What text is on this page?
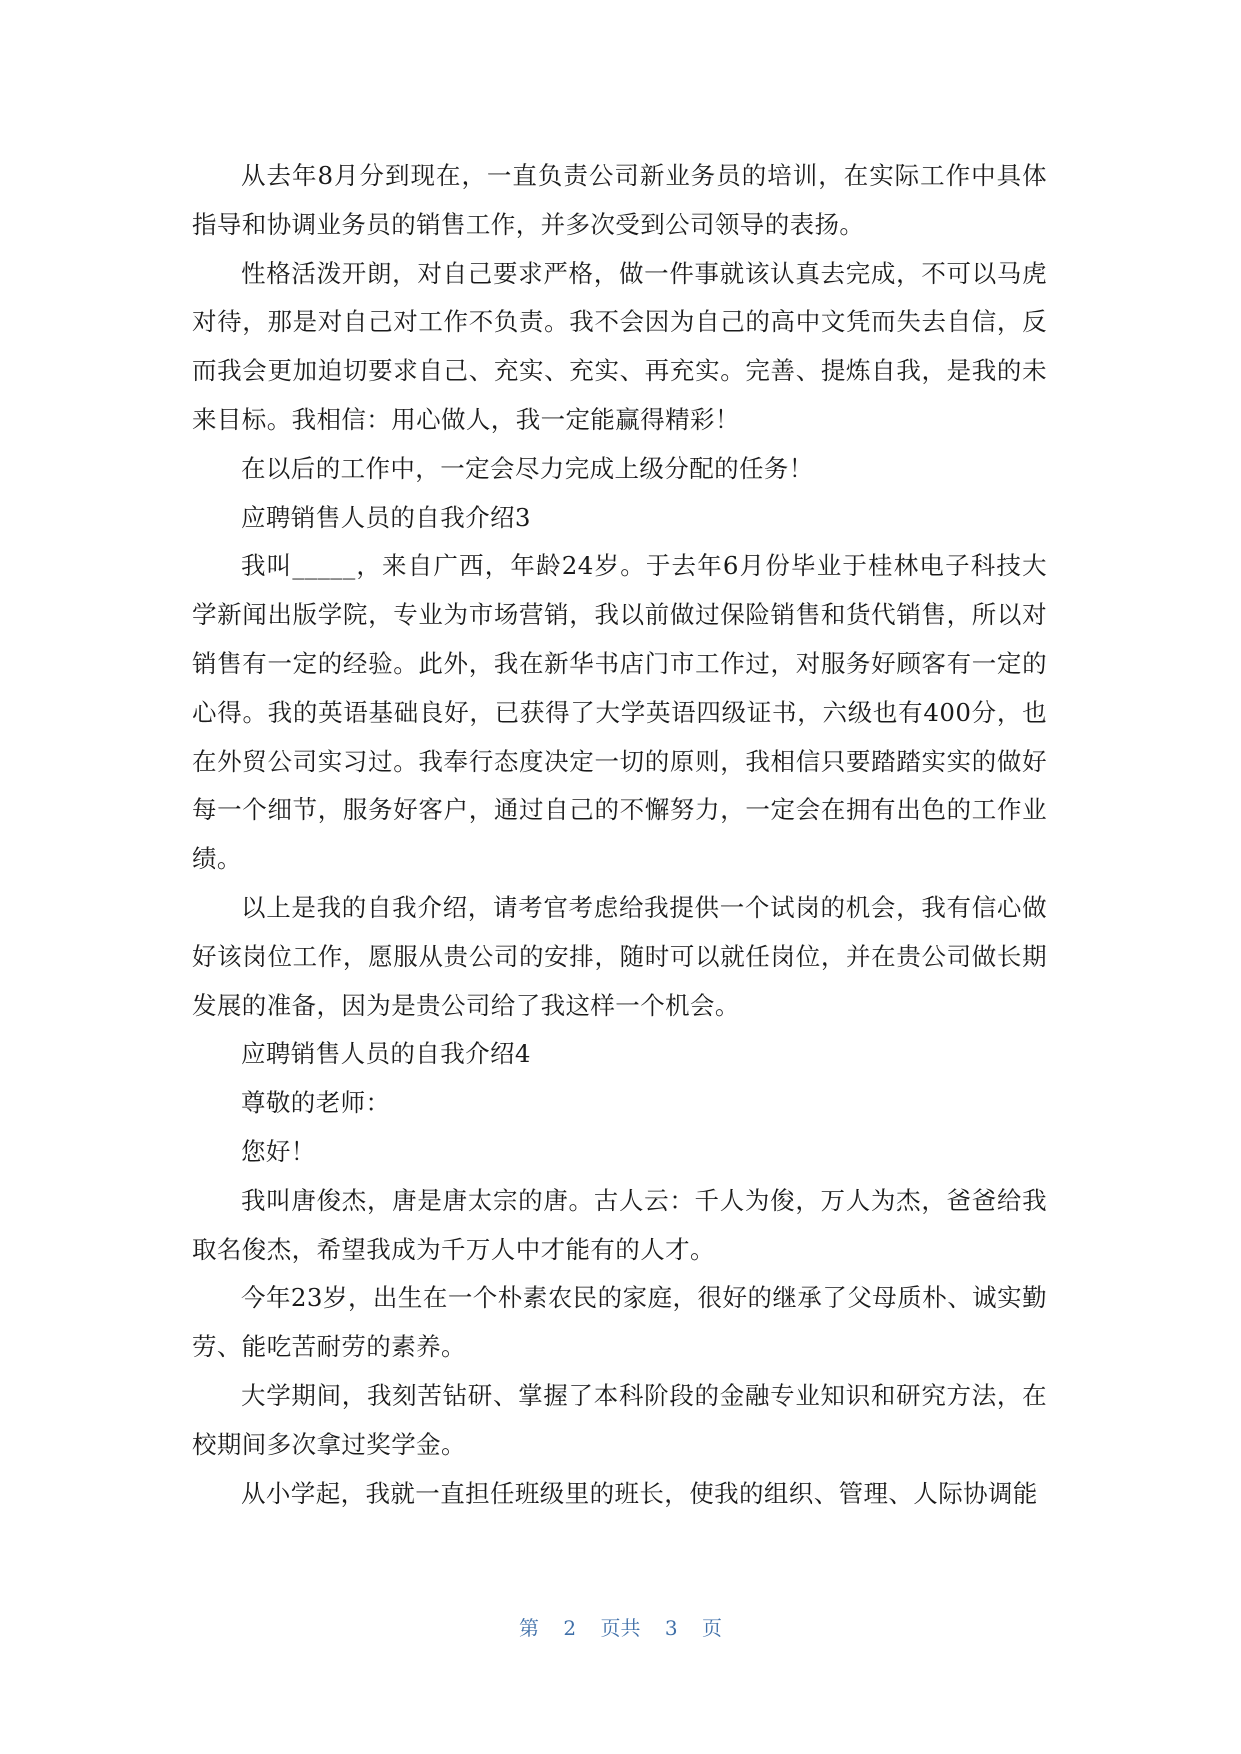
从去年8月分到现在，一直负责公司新业务员的培训，在实际工作中具体指导和协调业务员的销售工作，并多次受到公司领导的表扬。

性格活泼开朗，对自己要求严格，做一件事就该认真去完成，不可以马虎对待，那是对自己对工作不负责。我不会因为自己的高中文凭而失去自信，反而我会更加迫切要求自己、充实、充实、再充实。完善、提炼自我，是我的未来目标。我相信：用心做人，我一定能赢得精彩！

在以后的工作中，一定会尽力完成上级分配的任务！

应聘销售人员的自我介绍3

我叫_____，来自广西，年龄24岁。于去年6月份毕业于桂林电子科技大学新闻出版学院，专业为市场营销，我以前做过保险销售和货代销售，所以对销售有一定的经验。此外，我在新华书店门市工作过，对服务好顾客有一定的心得。我的英语基础良好，已获得了大学英语四级证书，六级也有400分，也在外贸公司实习过。我奉行态度决定一切的原则，我相信只要踏踏实实的做好每一个细节，服务好客户，通过自己的不懈努力，一定会在拥有出色的工作业绩。

以上是我的自我介绍，请考官考虑给我提供一个试岗的机会，我有信心做好该岗位工作，愿服从贵公司的安排，随时可以就任岗位，并在贵公司做长期发展的准备，因为是贵公司给了我这样一个机会。

应聘销售人员的自我介绍4

尊敬的老师：

您好！

我叫唐俊杰，唐是唐太宗的唐。古人云：千人为俊，万人为杰，爸爸给我取名俊杰，希望我成为千万人中才能有的人才。

今年23岁，出生在一个朴素农民的家庭，很好的继承了父母质朴、诚实勤劳、能吃苦耐劳的素养。

大学期间，我刻苦钻研、掌握了本科阶段的金融专业知识和研究方法，在校期间多次拿过奖学金。

从小学起，我就一直担任班级里的班长，使我的组织、管理、人际协调能

第 2 页共 3 页
